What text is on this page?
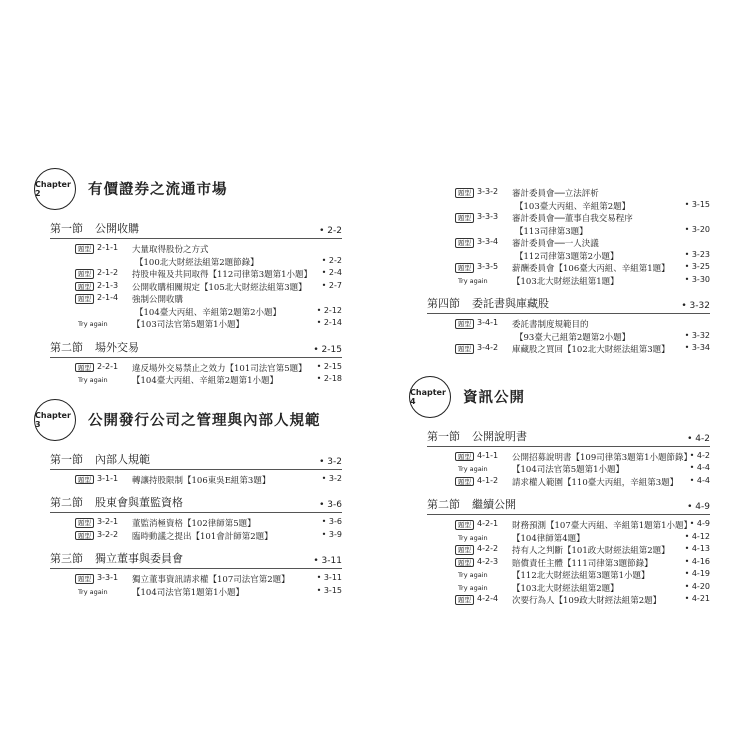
Chapter 2	有價證券之流通市場
第一節 公開收購	• 2-2
題型 2-1-1 大量取得股份之方式
【100北大財經法組第2題節錄】	• 2-2
題型 2-1-2 持股申報及共同取得【112司律第3題第1小題】 • 2-4
題型 2-1-3 公開收購相關規定【105北大財經法組第3題】 • 2-7
題型 2-1-4 強制公開收購
【104臺大丙組、辛組第2題第2小題】	• 2-12
Try again	【103司法官第5題第1小題】	• 2-14
第二節 場外交易	• 2-15
題型 2-2-1 違反場外交易禁止之效力【101司法官第5題】 • 2-15
Try again	【104臺大丙組、辛組第2題第1小題】	• 2-18
Chapter 3	公開發行公司之管理與內部人規範
第一節 內部人規範	• 3-2
題型 3-1-1 轉讓持股限制【106東吳E組第3題】	• 3-2
第二節 股東會與董監資格	• 3-6
題型 3-2-1 董監消極資格【102律師第5題】	• 3-6
題型 3-2-2 臨時動議之提出【101會計師第2題】	• 3-9
第三節 獨立董事與委員會	• 3-11
題型 3-3-1 獨立董事資訊請求權【107司法官第2題】	• 3-11
Try again	【104司法官第1題第1小題】	• 3-15
題型 3-3-2 審計委員會──立法評析
【103臺大丙組、辛組第2題】	• 3-15
題型 3-3-3 審計委員會──董事自我交易程序
【113司律第3題】	• 3-20
題型 3-3-4 審計委員會──一人決議
【112司律第3題第2小題】	• 3-23
題型 3-3-5 薪酬委員會【106臺大丙組、辛組第1題】 • 3-25
Try again	【103北大財經法組第1題】	• 3-30
第四節 委託書與庫藏股	• 3-32
題型 3-4-1 委託書制度規範目的
【93臺大己組第2題第2小題】	• 3-32
題型 3-4-2 庫藏股之買回【102北大財經法組第3題】 • 3-34
Chapter 4	資訊公開
第一節 公開說明書	• 4-2
題型 4-1-1 公開招募說明書【109司律第3題第1小題節錄】
• 4-2
Try again	【104司法官第5題第1小題】	• 4-4
題型 4-1-2 請求權人範圍【110臺大丙組，辛組第3題】 • 4-4
第二節 繼續公開	• 4-9
題型 4-2-1 財務預測【107臺大丙組、辛組第1題第1小題】
• 4-9
Try again	【104律師第4題】	• 4-12
題型 4-2-2 持有人之判斷【101政大財經法組第2題】 • 4-13
題型 4-2-3 賠償責任主體【111司律第3題節錄】	• 4-16
Try again	【112北大財經法組第3題第1小題】	• 4-19
Try again	【103北大財經法組第2題】	• 4-20
題型 4-2-4 次要行為人【109政大財經法組第2題】	• 4-21
